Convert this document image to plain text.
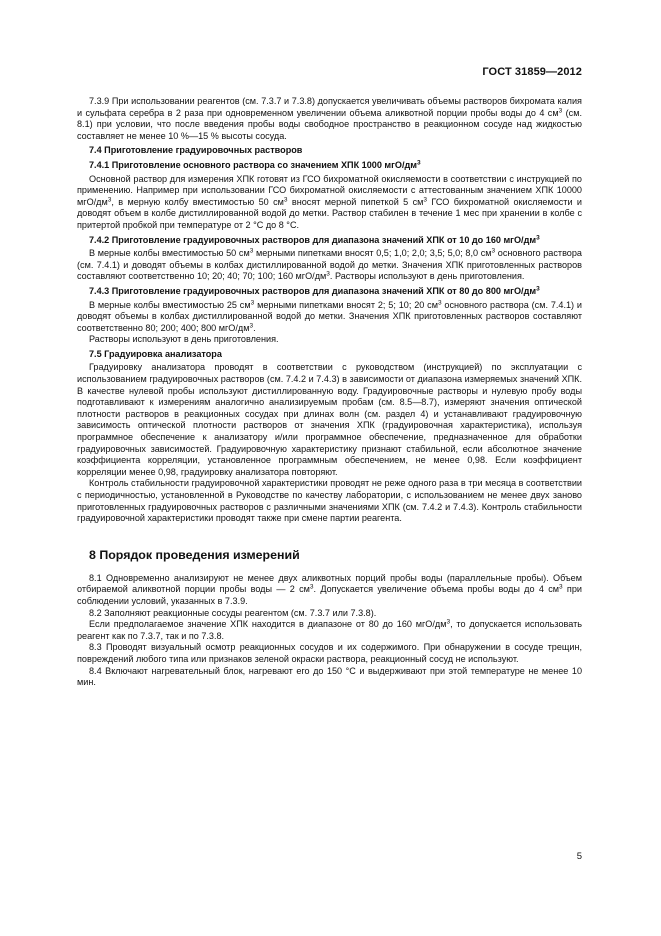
ГОСТ 31859—2012

7.3.9 При использовании реагентов (см. 7.3.7 и 7.3.8) допускается увеличивать объемы растворов бихромата калия и сульфата серебра в 2 раза при одновременном увеличении объема аликвотной порции пробы воды до 4 $см^3$ (см. 8.1) при условии, что после введения пробы воды свободное пространство в реакционном сосуде над жидкостью составляет не менее 10 %—15 % высоты сосуда.

7.4 Приготовление градуировочных растворов
7.4.1 Приготовление основного раствора со значением ХПК 1000 мгО/$дм^3$

Основной раствор для измерения ХПК готовят из ГСО бихроматной окисляемости в соответствии с инструкцией по применению. Например при использовании ГСО бихроматной окисляемости с аттестованным значением ХПК 10000 мгО/$дм^3$, в мерную колбу вместимостью 50 $см^3$ вносят мерной пипеткой 5 $см^3$ ГСО бихроматной окисляемости и доводят объем в колбе дистиллированной водой до метки. Раствор стабилен в течение 1 мес при хранении в колбе с притертой пробкой при температуре от 2 °С до 8 °С.

7.4.2 Приготовление градуировочных растворов для диапазона значений ХПК от 10 до 160 мгО/$дм^3$

В мерные колбы вместимостью 50 $см^3$ мерными пипетками вносят 0,5; 1,0; 2,0; 3,5; 5,0; 8,0 $см^3$ основного раствора (см. 7.4.1) и доводят объемы в колбах дистиллированной водой до метки. Значения ХПК приготовленных растворов составляют соответственно 10; 20; 40; 70; 100; 160 мгО/$дм^3$. Растворы используют в день приготовления.

7.4.3 Приготовление градуировочных растворов для диапазона значений ХПК от 80 до 800 мгО/$дм^3$

В мерные колбы вместимостью 25 $см^3$ мерными пипетками вносят 2; 5; 10; 20 $см^3$ основного раствора (см. 7.4.1) и доводят объемы в колбах дистиллированной водой до метки. Значения ХПК приготовленных растворов составляют соответственно 80; 200; 400; 800 мгО/$дм^3$.

Растворы используют в день приготовления.

7.5 Градуировка анализатора

Градуировку анализатора проводят в соответствии с руководством (инструкцией) по эксплуатации с использованием градуировочных растворов (см. 7.4.2 и 7.4.3) в зависимости от диапазона измеряемых значений ХПК. В качестве нулевой пробы используют дистиллированную воду. Градуировочные растворы и нулевую пробу воды подготавливают к измерениям аналогично анализируемым пробам (см. 8.5—8.7), измеряют значения оптической плотности растворов в реакционных сосудах при длинах волн (см. раздел 4) и устанавливают градуировочную зависимость оптической плотности растворов от значения ХПК (градуировочная характеристика), используя программное обеспечение к анализатору и/или программное обеспечение, предназначенное для обработки градуировочных зависимостей. Градуировочную характеристику признают стабильной, если абсолютное значение коэффициента корреляции, установленное программным обеспечением, не менее 0,98. Если коэффициент корреляции менее 0,98, градуировку анализатора повторяют.

Контроль стабильности градуировочной характеристики проводят не реже одного раза в три месяца в соответствии с периодичностью, установленной в Руководстве по качеству лаборатории, с использованием не менее двух заново приготовленных градуировочных растворов с различными значениями ХПК (см. 7.4.2 и 7.4.3). Контроль стабильности градуировочной характеристики проводят также при смене партии реагента.

8 Порядок проведения измерений

8.1 Одновременно анализируют не менее двух аликвотных порций пробы воды (параллельные пробы). Объем отбираемой аликвотной порции пробы воды — 2 $см^3$. Допускается увеличение объема пробы воды до 4 $см^3$ при соблюдении условий, указанных в 7.3.9.

8.2 Заполняют реакционные сосуды реагентом (см. 7.3.7 или 7.3.8).

Если предполагаемое значение ХПК находится в диапазоне от 80 до 160 мгО/$дм^3$, то допускается использовать реагент как по 7.3.7, так и по 7.3.8.

8.3 Проводят визуальный осмотр реакционных сосудов и их содержимого. При обнаружении в сосуде трещин, повреждений любого типа или признаков зеленой окраски раствора, реакционный сосуд не используют.

8.4 Включают нагревательный блок, нагревают его до 150 °С и выдерживают при этой температуре не менее 10 мин.

5
